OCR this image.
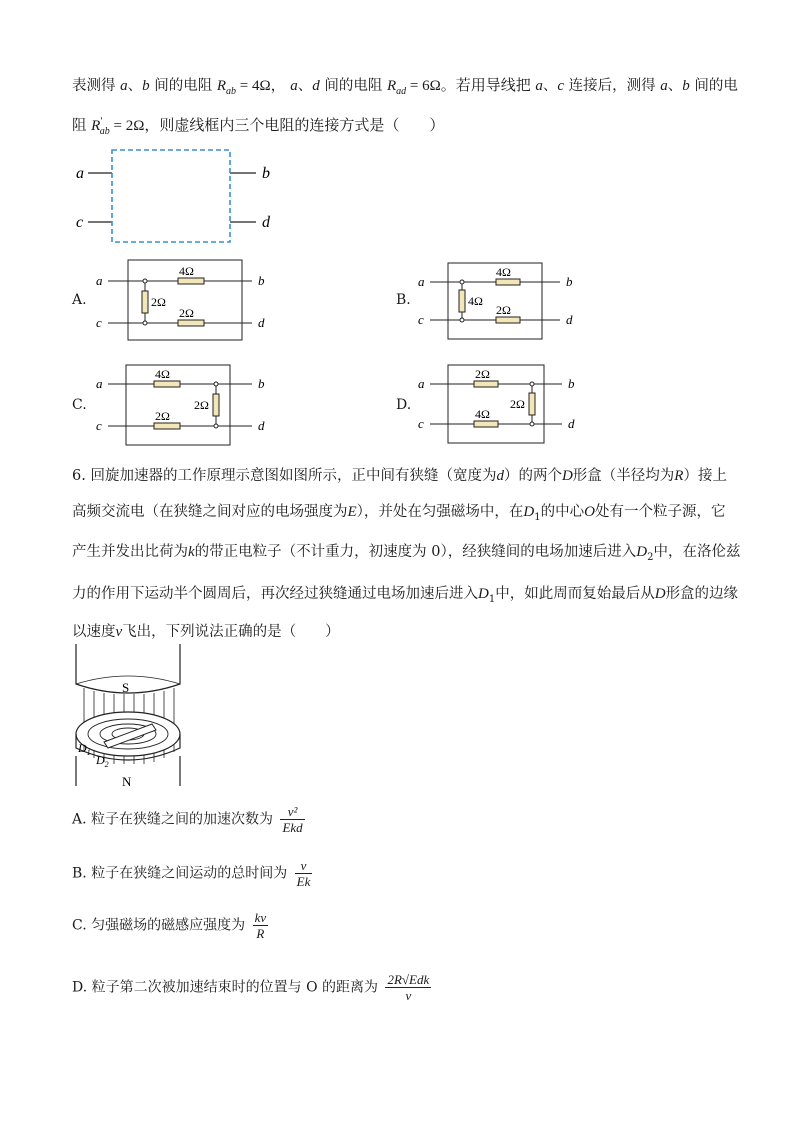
表测得 a、b 间的电阻 $R_{ab} = 4\Omega$， a、d 间的电阻 $R_{ad} = 6\Omega$。若用导线把 a、c 连接后，测得 a、b 间的电
阻 $R'_{ab} = 2\Omega$，则虚线框内三个电阻的连接方式是（　　）
a
c
b
d
A.
a
c
b
d
4Ω
2Ω
2Ω	B.
a
c
b
d
4Ω
2Ω
4Ω
C.
a
c
b
d
4Ω
2Ω
2Ω	D.
a
c
b
d
2Ω
4Ω
2Ω
6. 回旋加速器的工作原理示意图如图所示，正中间有狭缝（宽度为d）的两个D形盒（半径均为R）接上
高频交流电（在狭缝之间对应的电场强度为E），并处在匀强磁场中，在$D_1$的中心O处有一个粒子源，它
产生并发出比荷为k的带正电粒子（不计重力，初速度为 0），经狭缝间的电场加速后进入$D_2$中，在洛伦兹
力的作用下运动半个圆周后，再次经过狭缝通过电场加速后进入$D_1$中，如此周而复始最后从D形盒的边缘
以速度v飞出，下列说法正确的是（　　）
S
N
$D_1$
$D_2$
A. 粒子在狭缝之间的加速次数为 $\frac{\text{v²}}{\text{Ekd}}$
B. 粒子在狭缝之间运动的总时间为 $\frac{v}{Ek}$
C. 匀强磁场的磁感应强度为 $\frac{kv}{R}$
D. 粒子第二次被加速结束时的位置与 O 的距离为 $\frac{\text{2R√Edk}}{v}$
